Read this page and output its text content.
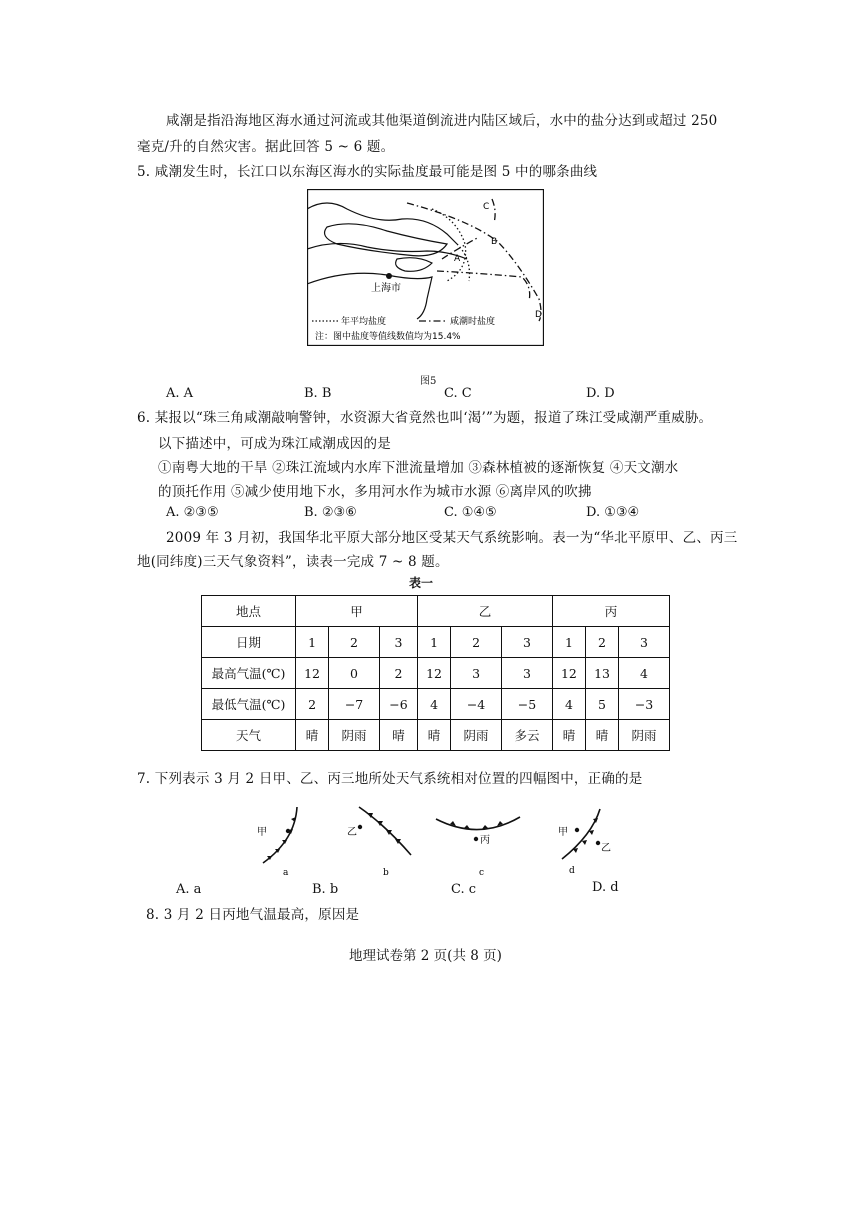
咸潮是指沿海地区海水通过河流或其他渠道倒流进内陆区域后，水中的盐分达到或超过 250
毫克/升的自然灾害。据此回答 5 ~ 6 题。
5. 咸潮发生时，长江口以东海区海水的实际盐度最可能是图 5 中的哪条曲线
上海市
C
B
A
D
年平均盐度	咸潮时盐度
注：图中盐度等值线数值均为15.4%
图5
A. A	B. B	C. C	D. D
6. 某报以“珠三角咸潮敲响警钟，水资源大省竟然也叫‘渴’”为题，报道了珠江受咸潮严重威胁。
以下描述中，可成为珠江咸潮成因的是
①南粤大地的干旱 ②珠江流域内水库下泄流量增加 ③森林植被的逐渐恢复 ④天文潮水
的顶托作用 ⑤减少使用地下水，多用河水作为城市水源 ⑥离岸风的吹拂
A. ②③⑤	B. ②③⑥	C. ①④⑤	D. ①③④
2009 年 3 月初，我国华北平原大部分地区受某天气系统影响。表一为“华北平原甲、乙、丙三
地(同纬度)三天气象资料”，读表一完成 7 ~ 8 题。
表一
地点	甲			乙			丙		
日期	1	2	3	1	2	3	1	2	3
最高气温(℃)	12	0	2	12	3	3	12	13	4
最低气温(℃)	2	−7	−6	4	−4	−5	4	5	−3
天气	晴	阴雨	晴	晴	阴雨	多云	晴	晴	阴雨
7. 下列表示 3 月 2 日甲、乙、丙三地所处天气系统相对位置的四幅图中，正确的是
甲
a
乙
b
丙
c
甲
乙
d
A. a	B. b	C. c	D. d
8. 3 月 2 日丙地气温最高，原因是
地理试卷第 2 页(共 8 页)
